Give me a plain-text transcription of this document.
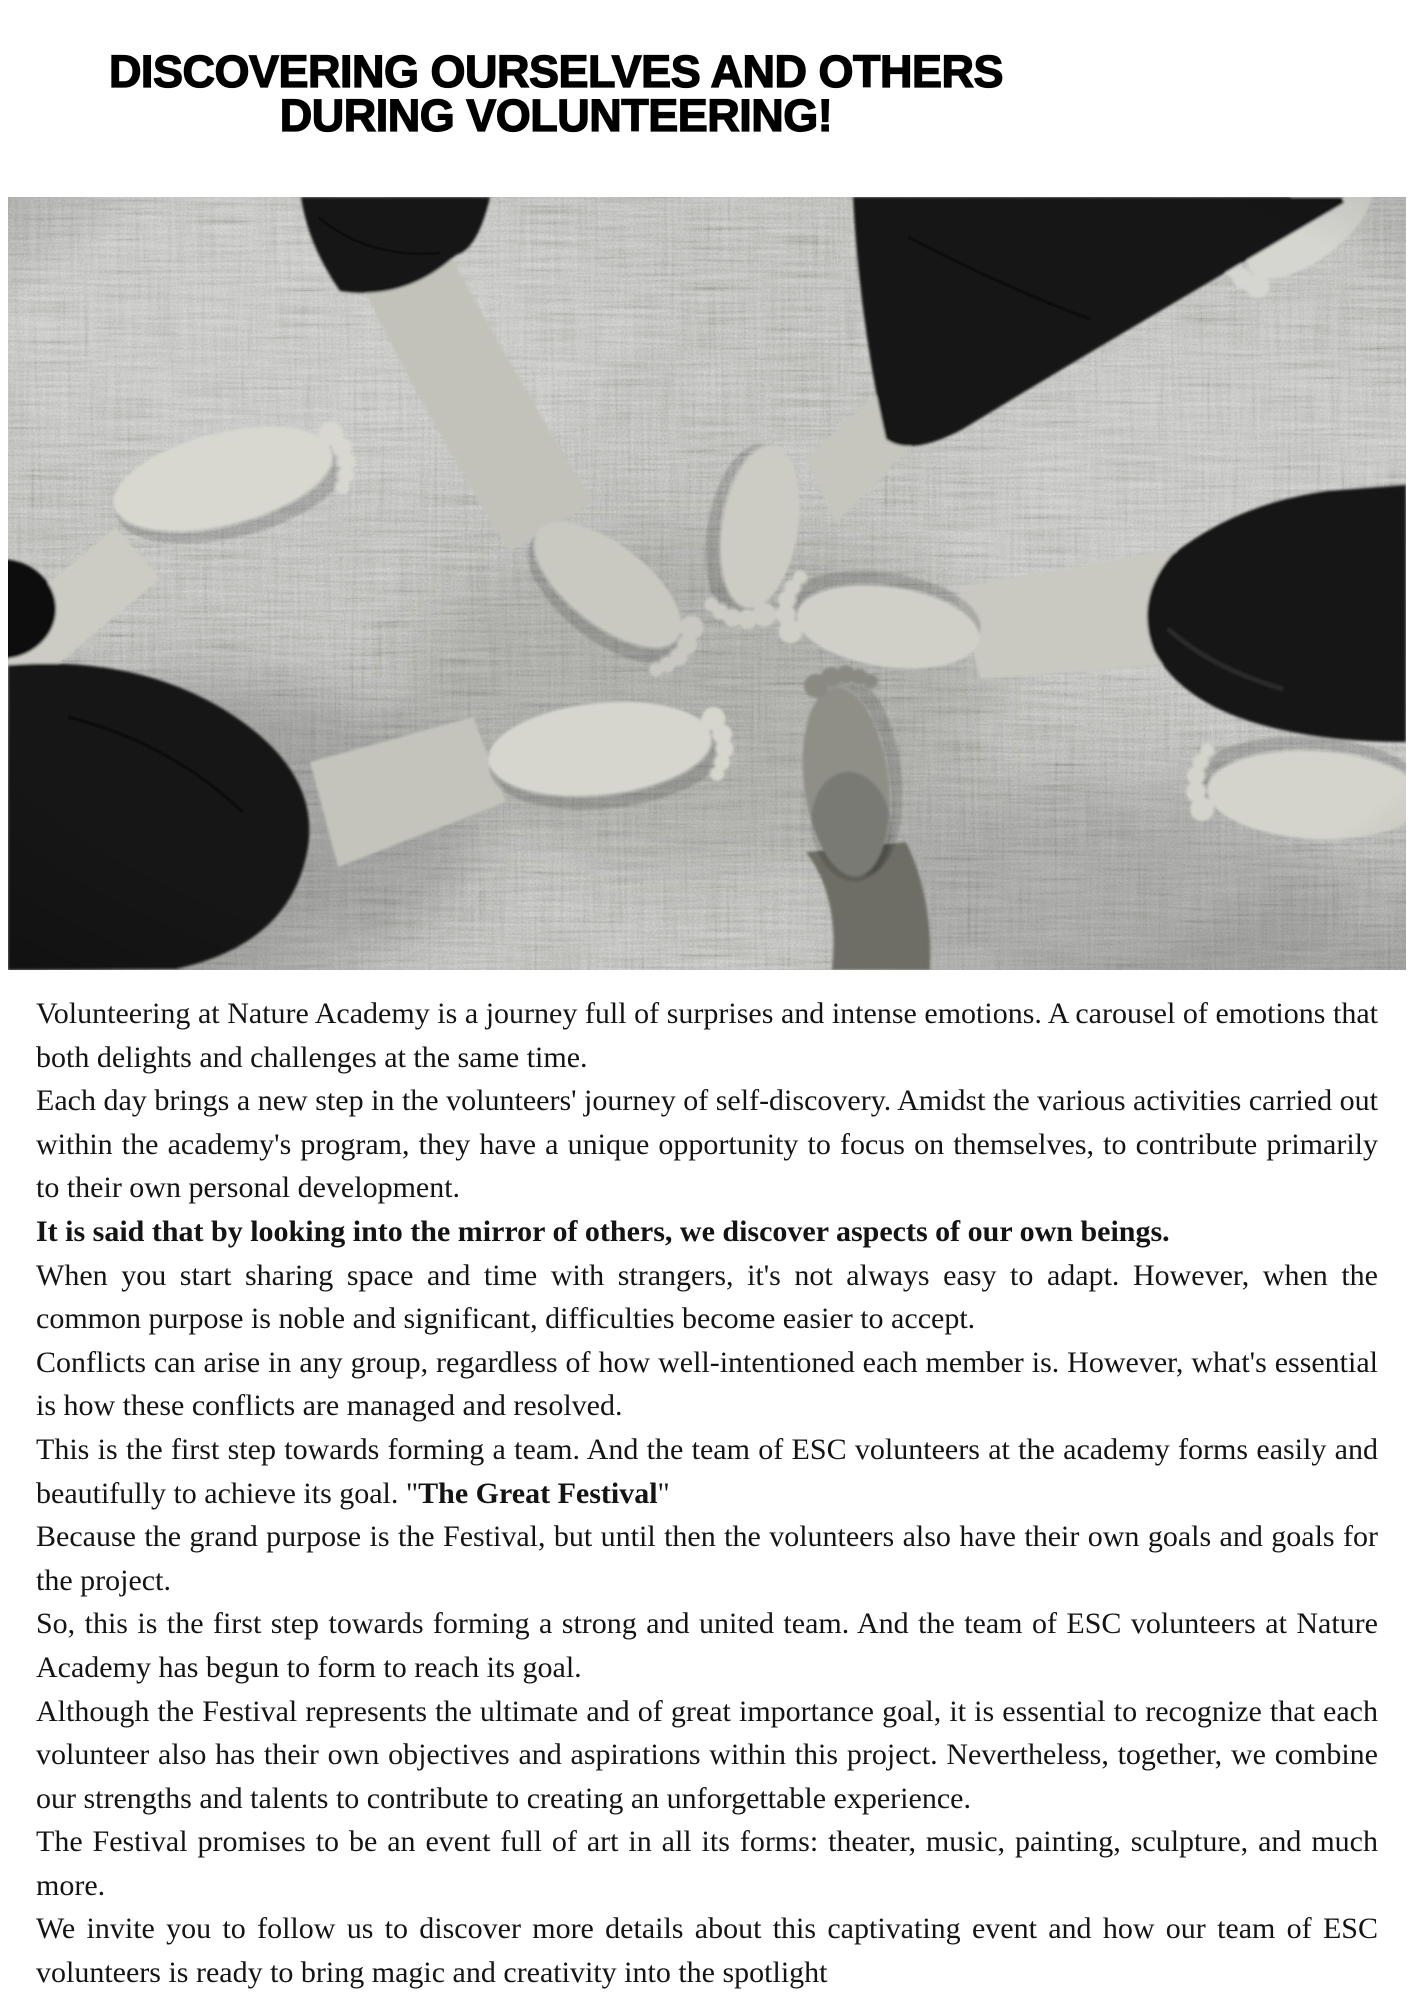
DISCOVERING OURSELVES AND OTHERS
DURING VOLUNTEERING!

Volunteering at Nature Academy is a journey full of surprises and intense emotions. A carousel of emotions that both delights and challenges at the same time.

Each day brings a new step in the volunteers' journey of self-discovery. Amidst the various activities carried out within the academy's program, they have a unique opportunity to focus on themselves, to contribute primarily to their own personal development.

It is said that by looking into the mirror of others, we discover aspects of our own beings.

When you start sharing space and time with strangers, it's not always easy to adapt. However, when the common purpose is noble and significant, difficulties become easier to accept.

Conflicts can arise in any group, regardless of how well-intentioned each member is. However, what's essential is how these conflicts are managed and resolved.

This is the first step towards forming a team. And the team of ESC volunteers at the academy forms easily and beautifully to achieve its goal. "The Great Festival"

Because the grand purpose is the Festival, but until then the volunteers also have their own goals and goals for the project.

So, this is the first step towards forming a strong and united team. And the team of ESC volunteers at Nature Academy has begun to form to reach its goal.

Although the Festival represents the ultimate and of great importance goal, it is essential to recognize that each volunteer also has their own objectives and aspirations within this project. Nevertheless, together, we combine our strengths and talents to contribute to creating an unforgettable experience.

The Festival promises to be an event full of art in all its forms: theater, music, painting, sculpture, and much more.

We invite you to follow us to discover more details about this captivating event and how our team of ESC volunteers is ready to bring magic and creativity into the spotlight
